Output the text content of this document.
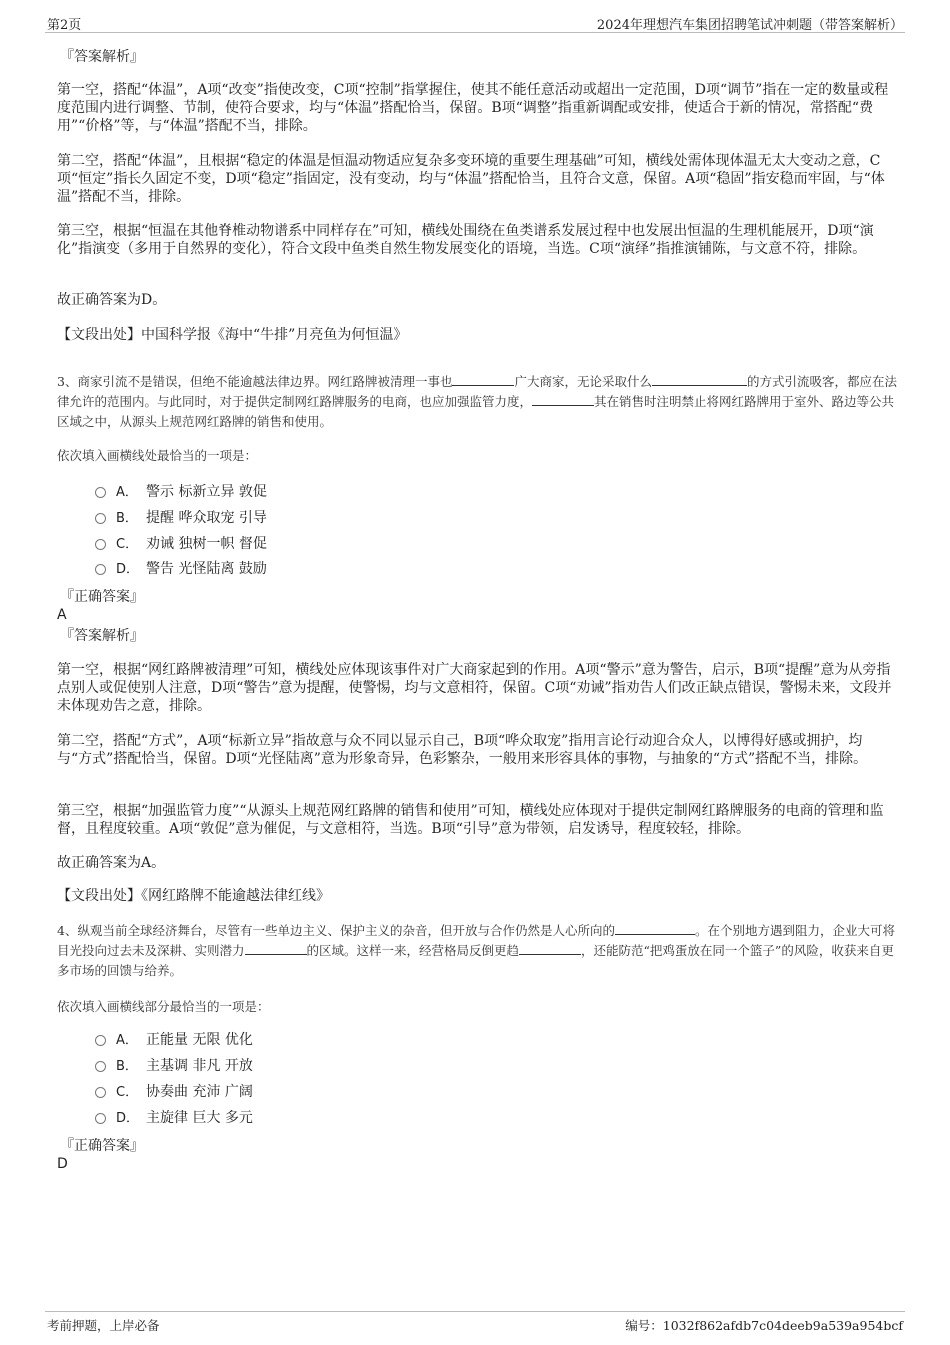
第2页	2024年理想汽车集团招聘笔试冲刺题（带答案解析）
『答案解析』
第一空，搭配“体温”，A项“改变”指使改变，C项“控制”指掌握住，使其不能任意活动或超出一定范围，D项“调节”指在一定的数量或程度范围内进行调整、节制，使符合要求，均与“体温”搭配恰当，保留。B项“调整”指重新调配或安排，使适合于新的情况，常搭配“费用”“价格”等，与“体温”搭配不当，排除。
第二空，搭配“体温”，且根据“稳定的体温是恒温动物适应复杂多变环境的重要生理基础”可知，横线处需体现体温无太大变动之意，C项“恒定”指长久固定不变，D项“稳定”指固定，没有变动，均与“体温”搭配恰当，且符合文意，保留。A项“稳固”指安稳而牢固，与“体温”搭配不当，排除。
第三空，根据“恒温在其他脊椎动物谱系中同样存在”可知，横线处围绕在鱼类谱系发展过程中也发展出恒温的生理机能展开，D项“演化”指演变（多用于自然界的变化），符合文段中鱼类自然生物发展变化的语境，当选。C项“演绎”指推演铺陈，与文意不符，排除。
故正确答案为D。
【文段出处】中国科学报《海中“牛排”月亮鱼为何恒温》
3、商家引流不是错误，但绝不能逾越法律边界。网红路牌被清理一事也	广大商家，无论采取什么	的方式引流吸客，都应在法律允许的范围内。与此同时，对于提供定制网红路牌服务的电商，也应加强监管力度，	其在销售时注明禁止将网红路牌用于室外、路边等公共区域之中，从源头上规范网红路牌的销售和使用。
依次填入画横线处最恰当的一项是：
A． 警示 标新立异 敦促
B． 提醒 哗众取宠 引导
C． 劝诫 独树一帜 督促
D． 警告 光怪陆离 鼓励
『正确答案』
A
『答案解析』
第一空，根据“网红路牌被清理”可知，横线处应体现该事件对广大商家起到的作用。A项“警示”意为警告，启示，B项“提醒”意为从旁指点别人或促使别人注意，D项“警告”意为提醒，使警惕，均与文意相符，保留。C项“劝诫”指劝告人们改正缺点错误，警惕未来，文段并未体现劝告之意，排除。
第二空，搭配“方式”，A项“标新立异”指故意与众不同以显示自己，B项“哗众取宠”指用言论行动迎合众人，以博得好感或拥护，均与“方式”搭配恰当，保留。D项“光怪陆离”意为形象奇异，色彩繁杂，一般用来形容具体的事物，与抽象的“方式”搭配不当，排除。
第三空，根据“加强监管力度”“从源头上规范网红路牌的销售和使用”可知，横线处应体现对于提供定制网红路牌服务的电商的管理和监督，且程度较重。A项“敦促”意为催促，与文意相符，当选。B项“引导”意为带领，启发诱导，程度较轻，排除。
故正确答案为A。
【文段出处】《网红路牌不能逾越法律红线》
4、纵观当前全球经济舞台，尽管有一些单边主义、保护主义的杂音，但开放与合作仍然是人心所向的	。在个别地方遇到阻力，企业大可将目光投向过去未及深耕、实则潜力	的区域。这样一来，经营格局反倒更趋	，还能防范“把鸡蛋放在同一个篮子”的风险，收获来自更多市场的回馈与给养。
依次填入画横线部分最恰当的一项是：
A． 正能量 无限 优化
B． 主基调 非凡 开放
C． 协奏曲 充沛 广阔
D． 主旋律 巨大 多元
『正确答案』
D
考前押题，上岸必备	编号：1032f862afdb7c04deeb9a539a954bcf
